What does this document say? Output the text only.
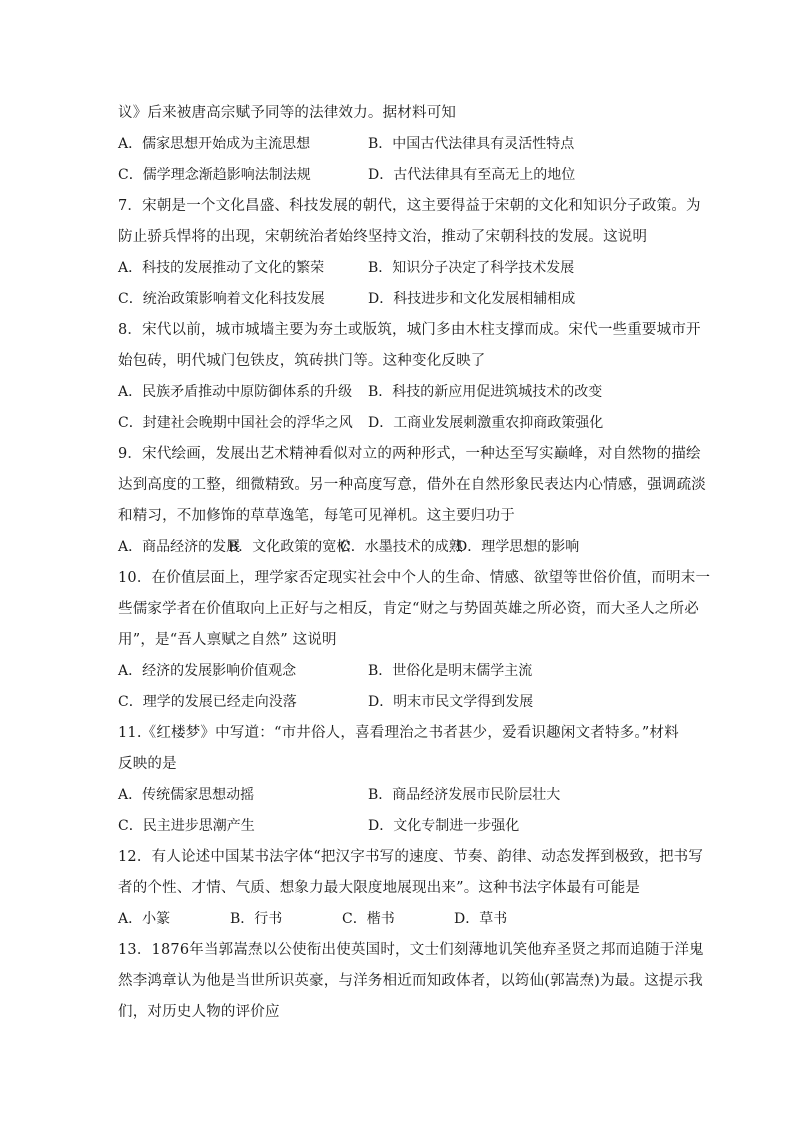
议》后来被唐高宗赋予同等的法律效力。据材料可知
A．儒家思想开始成为主流思想	B．中国古代法律具有灵活性特点
C．儒学理念渐趋影响法制法规	D．古代法律具有至高无上的地位
7．宋朝是一个文化昌盛、科技发展的朝代，这主要得益于宋朝的文化和知识分子政策。为
防止骄兵悍将的出现，宋朝统治者始终坚持文治，推动了宋朝科技的发展。这说明
A．科技的发展推动了文化的繁荣	B．知识分子决定了科学技术发展
C．统治政策影响着文化科技发展	D．科技进步和文化发展相辅相成
8．宋代以前，城市城墙主要为夯土或版筑，城门多由木柱支撑而成。宋代一些重要城市开
始包砖，明代城门包铁皮，筑砖拱门等。这种变化反映了
A．民族矛盾推动中原防御体系的升级 B．科技的新应用促进筑城技术的改变
C．封建社会晚期中国社会的浮华之风 D．工商业发展刺激重农抑商政策强化
9．宋代绘画，发展出艺术精神看似对立的两种形式，一种达至写实巅峰，对自然物的描绘
达到高度的工整，细微精致。另一种高度写意，借外在自然形象民表达内心情感，强调疏淡
和精习，不加修饰的草草逸笔，每笔可见禅机。这主要归功于
A．商品经济的发展
B．文化政策的宽松
C．水墨技术的成熟
D．理学思想的影响
10．在价值层面上，理学家否定现实社会中个人的生命、情感、欲望等世俗价值，而明末一
些儒家学者在价值取向上正好与之相反，肯定“财之与势固英雄之所必资，而大圣人之所必
用”，是“吾人禀赋之自然” 这说明
A．经济的发展影响价值观念	B．世俗化是明末儒学主流
C．理学的发展已经走向没落	D．明末市民文学得到发展
11.《红楼梦》中写道：“市井俗人，喜看理治之书者甚少，爱看识趣闲文者特多。”材料
反映的是
A．传统儒家思想动摇	B．商品经济发展市民阶层壮大
C．民主进步思潮产生	D．文化专制进一步强化
12．有人论述中国某书法字体“把汉字书写的速度、节奏、韵律、动态发挥到极致，把书写
者的个性、才情、气质、想象力最大限度地展现出来”。这种书法字体最有可能是
A．小篆	B．行书	C．楷书	D．草书
13．1876年当郭嵩焘以公使衔出使英国时，文士们刻薄地讥笑他弃圣贤之邦而追随于洋鬼
然李鸿章认为他是当世所识英豪，与洋务相近而知政体者，以筠仙(郭嵩焘)为最。这提示我
们，对历史人物的评价应
